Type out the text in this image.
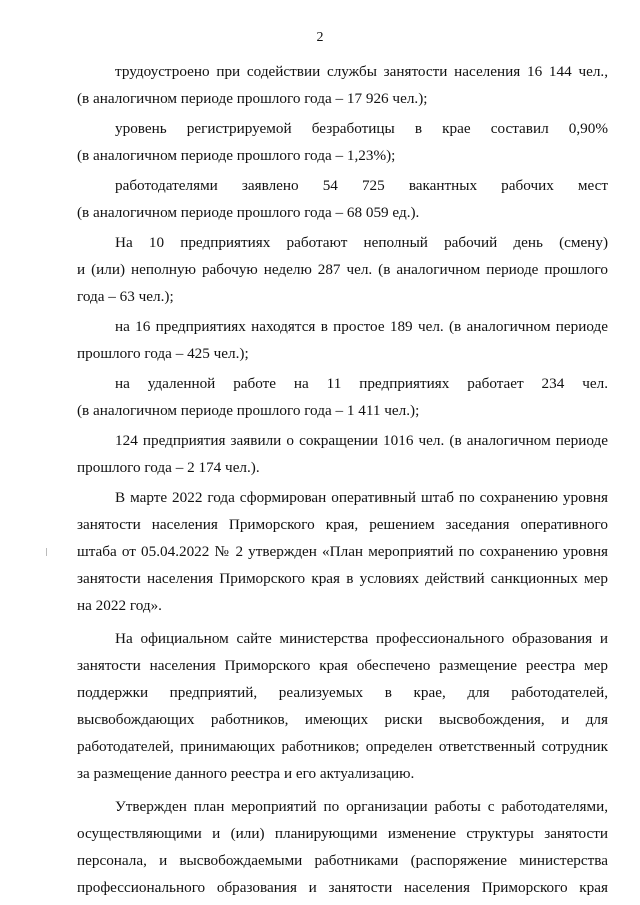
2

трудоустроено при содействии службы занятости населения 16 144 чел.,
(в аналогичном периоде прошлого года – 17 926 чел.);

уровень регистрируемой безработицы в крае составил 0,90%
(в аналогичном периоде прошлого года – 1,23%);

работодателями заявлено 54 725 вакантных рабочих мест
(в аналогичном периоде прошлого года – 68 059 ед.).

На 10 предприятиях работают неполный рабочий день (смену)
и (или) неполную рабочую неделю 287 чел. (в аналогичном периоде прошлого
года – 63 чел.);

на 16 предприятиях находятся в простое 189 чел. (в аналогичном периоде
прошлого года – 425 чел.);

на удаленной работе на 11 предприятиях работает 234 чел.
(в аналогичном периоде прошлого года – 1 411 чел.);

124 предприятия заявили о сокращении 1016 чел. (в аналогичном периоде
прошлого года – 2 174 чел.).

В марте 2022 года сформирован оперативный штаб по сохранению уровня
занятости населения Приморского края, решением заседания оперативного
штаба от 05.04.2022 № 2 утвержден «План мероприятий по сохранению уровня
занятости населения Приморского края в условиях действий санкционных мер
на 2022 год».

На официальном сайте министерства профессионального образования и
занятости населения Приморского края обеспечено размещение реестра мер
поддержки предприятий, реализуемых в крае, для работодателей,
высвобождающих работников, имеющих риски высвобождения, и для
работодателей, принимающих работников; определен ответственный сотрудник
за размещение данного реестра и его актуализацию.

Утвержден план мероприятий по организации работы с работодателями,
осуществляющими и (или) планирующими изменение структуры занятости
персонала, и высвобождаемыми работниками (распоряжение министерства
профессионального образования и занятости населения Приморского края
